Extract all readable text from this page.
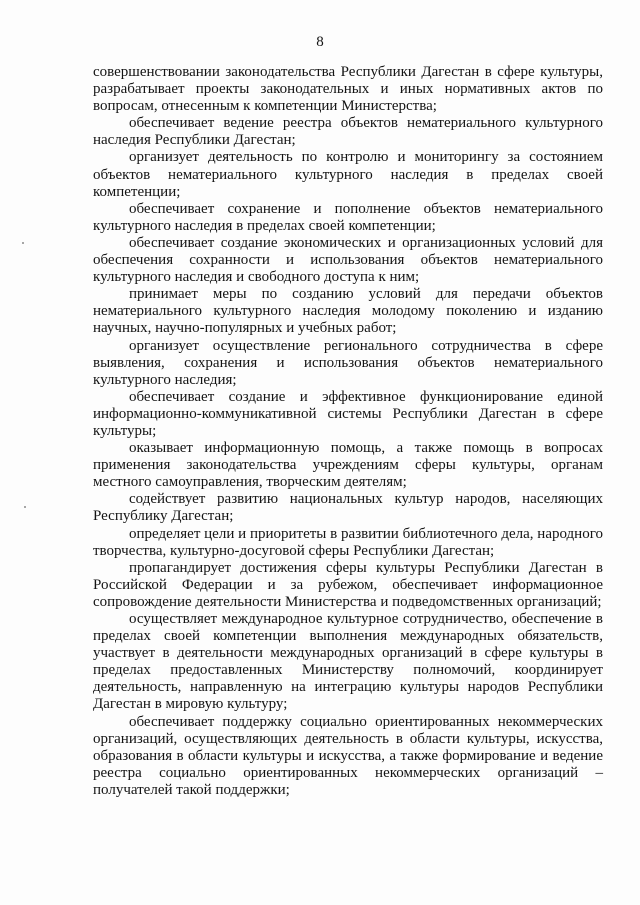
8

совершенствовании законодательства Республики Дагестан в сфере культуры, разрабатывает проекты законодательных и иных нормативных актов по вопросам, отнесенным к компетенции Министерства;

обеспечивает ведение реестра объектов нематериального культурного наследия Республики Дагестан;

организует деятельность по контролю и мониторингу за состоянием объектов нематериального культурного наследия в пределах своей компетенции;

обеспечивает сохранение и пополнение объектов нематериального культурного наследия в пределах своей компетенции;

обеспечивает создание экономических и организационных условий для обеспечения сохранности и использования объектов нематериального культурного наследия и свободного доступа к ним;

принимает меры по созданию условий для передачи объектов нематериального культурного наследия молодому поколению и изданию научных, научно-популярных и учебных работ;

организует осуществление регионального сотрудничества в сфере выявления, сохранения и использования объектов нематериального культурного наследия;

обеспечивает создание и эффективное функционирование единой информационно-коммуникативной системы Республики Дагестан в сфере культуры;

оказывает информационную помощь, а также помощь в вопросах применения законодательства учреждениям сферы культуры, органам местного самоуправления, творческим деятелям;

содействует развитию национальных культур народов, населяющих Республику Дагестан;

определяет цели и приоритеты в развитии библиотечного дела, народного творчества, культурно-досуговой сферы Республики Дагестан;

пропагандирует достижения сферы культуры Республики Дагестан в Российской Федерации и за рубежом, обеспечивает информационное сопровождение деятельности Министерства и подведомственных организаций;

осуществляет международное культурное сотрудничество, обеспечение в пределах своей компетенции выполнения международных обязательств, участвует в деятельности международных организаций в сфере культуры в пределах предоставленных Министерству полномочий, координирует деятельность, направленную на интеграцию культуры народов Республики Дагестан в мировую культуру;

обеспечивает поддержку социально ориентированных некоммерческих организаций, осуществляющих деятельность в области культуры, искусства, образования в области культуры и искусства, а также формирование и ведение реестра социально ориентированных некоммерческих организаций – получателей такой поддержки;
